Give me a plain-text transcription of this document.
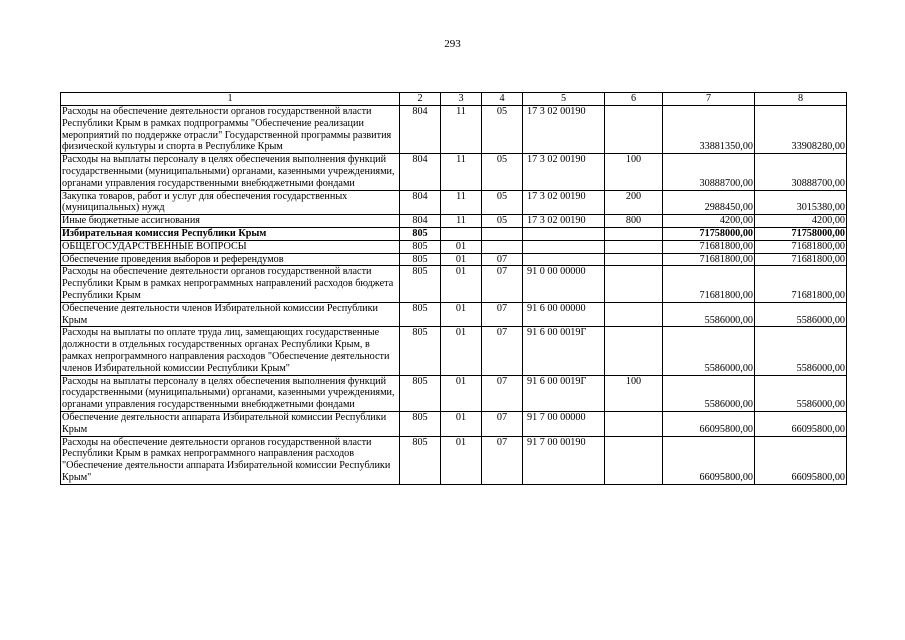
293
1	2	3	4	5	6	7	8
Расходы на обеспечение деятельности органов государственной власти Республики Крым в рамках подпрограммы "Обеспечение реализации мероприятий по поддержке отрасли" Государственной программы развития физической культуры и спорта в Республике Крым	804	11	05	17 3 02 00190		33881350,00	33908280,00
Расходы на выплаты персоналу в целях обеспечения выполнения функций государственными (муниципальными) органами, казенными учреждениями, органами управления государственными внебюджетными фондами	804	11	05	17 3 02 00190	100	30888700,00	30888700,00
Закупка товаров, работ и услуг для обеспечения государственных (муниципальных) нужд	804	11	05	17 3 02 00190	200	2988450,00	3015380,00
Иные бюджетные ассигнования	804	11	05	17 3 02 00190	800	4200,00	4200,00
Избирательная комиссия Республики Крым	805					71758000,00	71758000,00
ОБЩЕГОСУДАРСТВЕННЫЕ ВОПРОСЫ	805	01				71681800,00	71681800,00
Обеспечение проведения выборов и референдумов	805	01	07			71681800,00	71681800,00
Расходы на обеспечение деятельности органов государственной власти Республики Крым в рамках непрограммных направлений расходов бюджета Республики Крым	805	01	07	91 0 00 00000		71681800,00	71681800,00
Обеспечение деятельности членов Избирательной комиссии Республики Крым	805	01	07	91 6 00 00000		5586000,00	5586000,00
Расходы на выплаты по оплате труда лиц, замещающих государственные должности в отдельных государственных органах Республики Крым, в рамках непрограммного направления расходов "Обеспечение деятельности членов Избирательной комиссии Республики Крым"	805	01	07	91 6 00 0019Г		5586000,00	5586000,00
Расходы на выплаты персоналу в целях обеспечения выполнения функций государственными (муниципальными) органами, казенными учреждениями, органами управления государственными внебюджетными фондами	805	01	07	91 6 00 0019Г	100	5586000,00	5586000,00
Обеспечение деятельности аппарата Избирательной комиссии Республики Крым	805	01	07	91 7 00 00000		66095800,00	66095800,00
Расходы на обеспечение деятельности органов государственной власти Республики Крым в рамках непрограммного направления расходов "Обеспечение деятельности аппарата Избирательной комиссии Республики Крым"	805	01	07	91 7 00 00190		66095800,00	66095800,00
